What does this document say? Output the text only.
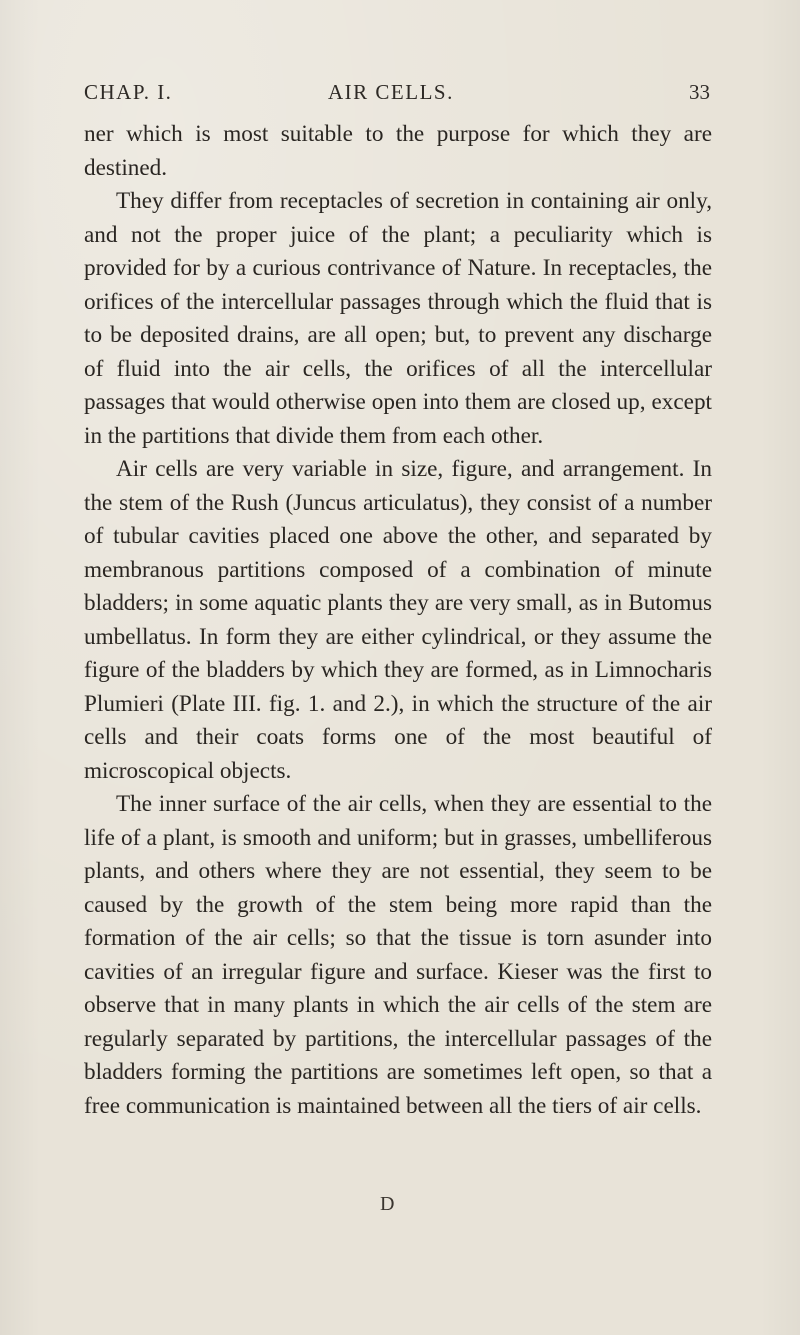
CHAP. I.	AIR CELLS.	33

ner which is most suitable to the purpose for which they are destined.

They differ from receptacles of secretion in containing air only, and not the proper juice of the plant; a peculiarity which is provided for by a curious contrivance of Nature. In receptacles, the orifices of the intercellular passages through which the fluid that is to be deposited drains, are all open; but, to prevent any discharge of fluid into the air cells, the orifices of all the intercellular passages that would otherwise open into them are closed up, except in the partitions that divide them from each other.

Air cells are very variable in size, figure, and arrangement. In the stem of the Rush (Juncus articulatus), they consist of a number of tubular cavities placed one above the other, and separated by membranous partitions composed of a combination of minute bladders; in some aquatic plants they are very small, as in Butomus umbellatus. In form they are either cylindrical, or they assume the figure of the bladders by which they are formed, as in Limnocharis Plumieri (Plate III. fig. 1. and 2.), in which the structure of the air cells and their coats forms one of the most beautiful of microscopical objects.

The inner surface of the air cells, when they are essential to the life of a plant, is smooth and uniform; but in grasses, umbelliferous plants, and others where they are not essential, they seem to be caused by the growth of the stem being more rapid than the formation of the air cells; so that the tissue is torn asunder into cavities of an irregular figure and surface. Kieser was the first to observe that in many plants in which the air cells of the stem are regularly separated by partitions, the intercellular passages of the bladders forming the partitions are sometimes left open, so that a free communication is maintained between all the tiers of air cells.

D
